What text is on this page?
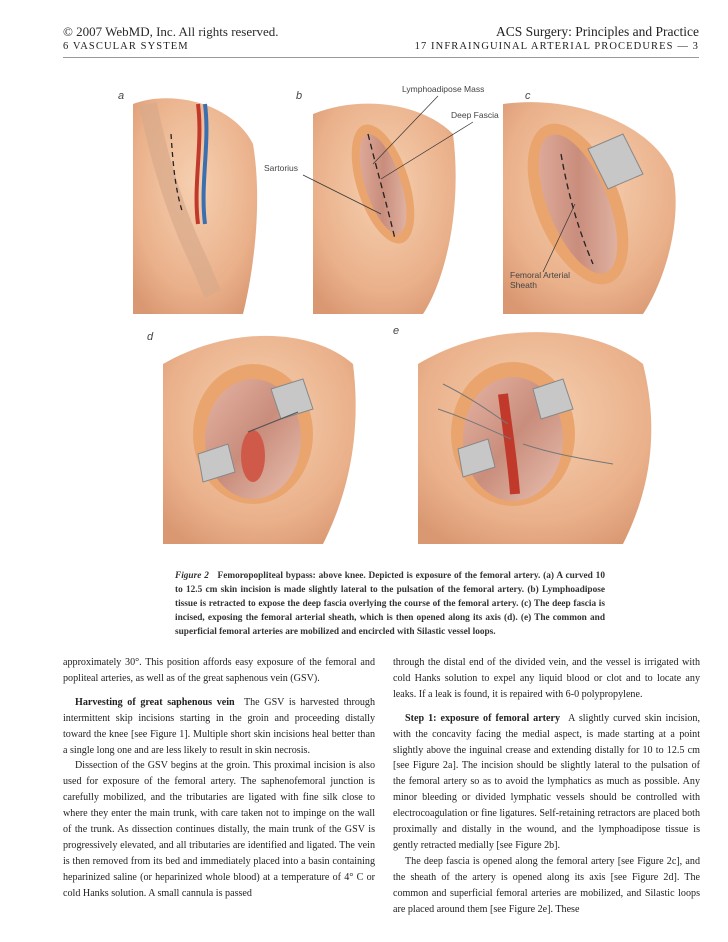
© 2007 WebMD, Inc. All rights reserved.	ACS Surgery: Principles and Practice
6 VASCULAR SYSTEM	17 INFRAINGUINAL ARTERIAL PROCEDURES — 3
a	b	c
d	e
Lymphoadipose Mass
Deep Fascia
Sartorius
Femoral Arterial
Sheath
Figure 2 Femoropopliteal bypass: above knee. Depicted is exposure of the femoral artery. (a) A curved 10 to 12.5 cm skin incision is made slightly lateral to the pulsation of the femoral artery. (b) Lymphoadipose tissue is retracted to expose the deep fascia overlying the course of the femoral artery. (c) The deep fascia is incised, exposing the femoral arterial sheath, which is then opened along its axis (d). (e) The common and superficial femoral arteries are mobilized and encircled with Silastic vessel loops.

approximately 30°. This position affords easy exposure of the femoral and popliteal arteries, as well as of the great saphenous vein (GSV).

Harvesting of great saphenous vein The GSV is harvested through intermittent skip incisions starting in the groin and proceeding distally toward the knee [see Figure 1]. Multiple short skin incisions heal better than a single long one and are less likely to result in skin necrosis.

Dissection of the GSV begins at the groin. This proximal incision is also used for exposure of the femoral artery. The saphenofemoral junction is carefully mobilized, and the tributaries are ligated with fine silk close to where they enter the main trunk, with care taken not to impinge on the wall of the trunk. As dissection continues distally, the main trunk of the GSV is progressively elevated, and all tributaries are identified and ligated. The vein is then removed from its bed and immediately placed into a basin containing heparinized saline (or heparinized whole blood) at a temperature of 4° C or cold Hanks solution. A small cannula is passed

through the distal end of the divided vein, and the vessel is irrigated with cold Hanks solution to expel any liquid blood or clot and to locate any leaks. If a leak is found, it is repaired with 6-0 polypropylene.

Step 1: exposure of femoral artery A slightly curved skin incision, with the concavity facing the medial aspect, is made starting at a point slightly above the inguinal crease and extending distally for 10 to 12.5 cm [see Figure 2a]. The incision should be slightly lateral to the pulsation of the femoral artery so as to avoid the lymphatics as much as possible. Any minor bleeding or divided lymphatic vessels should be controlled with electrocoagulation or fine ligatures. Self-retaining retractors are placed both proximally and distally in the wound, and the lymphoadipose tissue is gently retracted medially [see Figure 2b].

The deep fascia is opened along the femoral artery [see Figure 2c], and the sheath of the artery is opened along its axis [see Figure 2d]. The common and superficial femoral arteries are mobilized, and Silastic loops are placed around them [see Figure 2e]. These
